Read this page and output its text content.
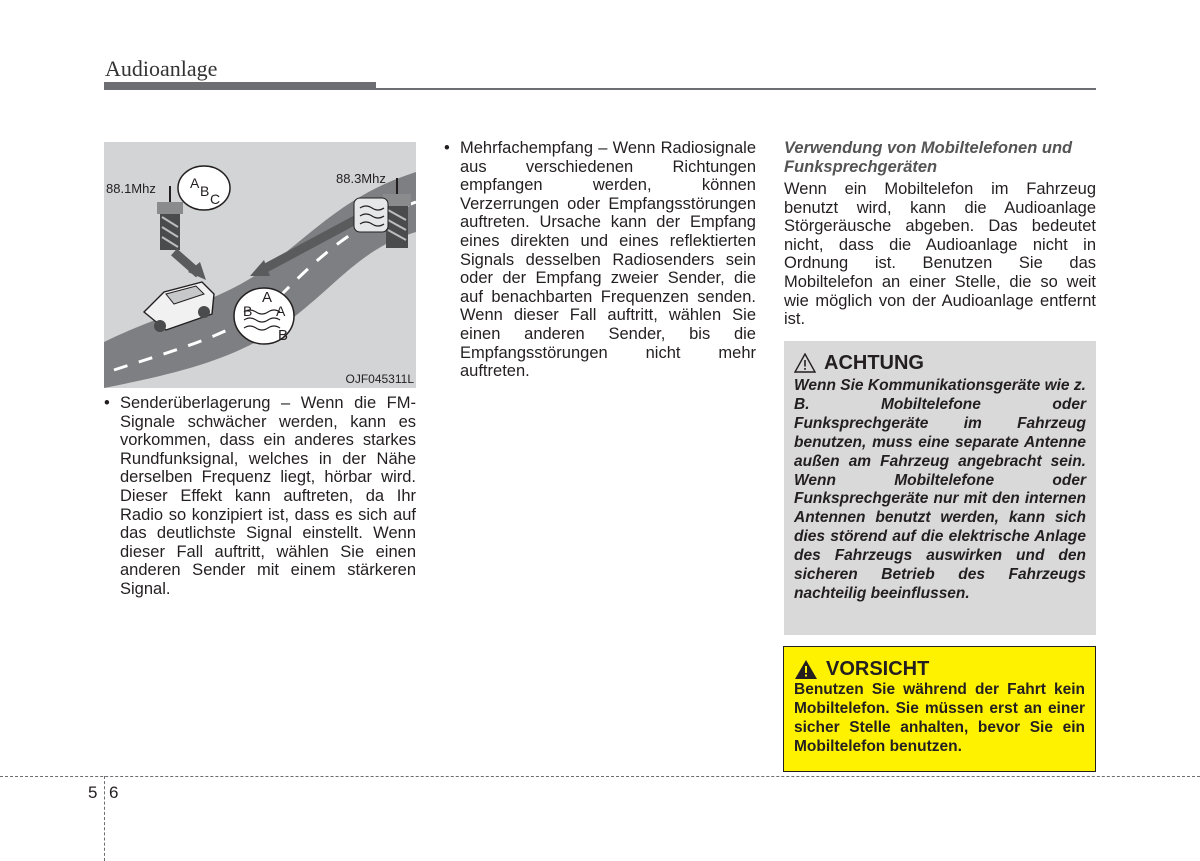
Audioanlage
88.1Mhz
88.3Mhz
A B C
A
B A
B
OJF045311L
• Senderüberlagerung – Wenn die FM-Signale schwächer werden, kann es vorkommen, dass ein anderes starkes Rundfunksignal, welches in der Nähe derselben Frequenz liegt, hörbar wird. Dieser Effekt kann auftreten, da Ihr Radio so konzipiert ist, dass es sich auf das deutlichste Signal einstellt. Wenn dieser Fall auftritt, wählen Sie einen anderen Sender mit einem stärkeren Signal.
• Mehrfachempfang – Wenn Radiosignale aus verschiedenen Richtungen empfangen werden, können Verzerrungen oder Empfangsstörungen auftreten. Ursache kann der Empfang eines direkten und eines reflektierten Signals desselben Radiosenders sein oder der Empfang zweier Sender, die auf benachbarten Frequenzen senden. Wenn dieser Fall auftritt, wählen Sie einen anderen Sender, bis die Empfangsstörungen nicht mehr auftreten.
Verwendung von Mobiltelefonen und Funksprechgeräten
Wenn ein Mobiltelefon im Fahrzeug benutzt wird, kann die Audioanlage Störgeräusche abgeben. Das bedeutet nicht, dass die Audioanlage nicht in Ordnung ist. Benutzen Sie das Mobiltelefon an einer Stelle, die so weit wie möglich von der Audioanlage entfernt ist.
ACHTUNG
Wenn Sie Kommunikationsgeräte wie z. B. Mobiltelefone oder Funksprechgeräte im Fahrzeug benutzen, muss eine separate Antenne außen am Fahrzeug angebracht sein. Wenn Mobiltelefone oder Funksprechgeräte nur mit den internen Antennen benutzt werden, kann sich dies störend auf die elektrische Anlage des Fahrzeugs auswirken und den sicheren Betrieb des Fahrzeugs nachteilig beeinflussen.
VORSICHT
Benutzen Sie während der Fahrt kein Mobiltelefon. Sie müssen erst an einer sicher Stelle anhalten, bevor Sie ein Mobiltelefon benutzen.
5 6
